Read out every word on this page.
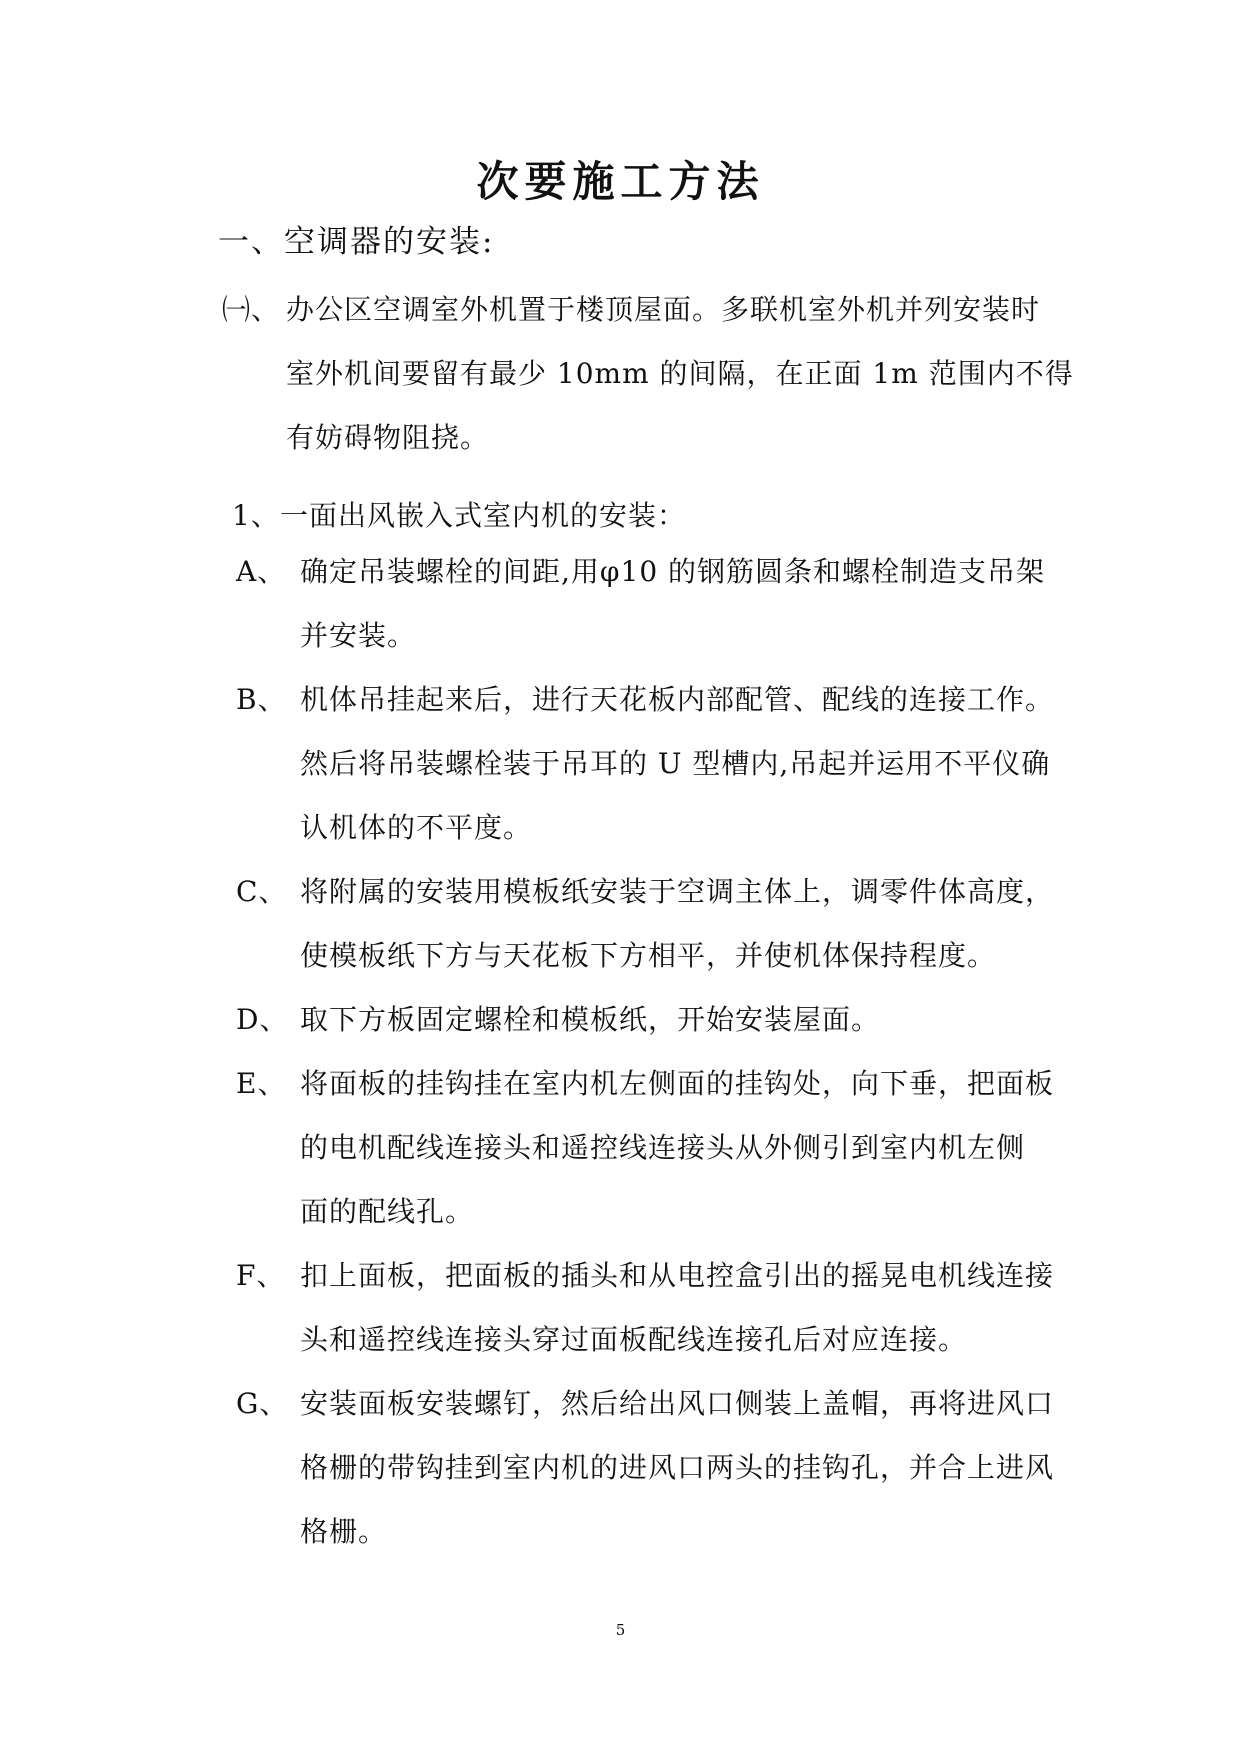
次要施工方法
一、空调器的安装:
㈠、 办公区空调室外机置于楼顶屋面。多联机室外机并列安装时
室外机间要留有最少 10mm 的间隔，在正面 1m 范围内不得
有妨碍物阻挠。
1、 一面出风嵌入式室内机的安装：
A、 确定吊装螺栓的间距,用φ10 的钢筋圆条和螺栓制造支吊架
并安装。
B、 机体吊挂起来后，进行天花板内部配管、配线的连接工作。
然后将吊装螺栓装于吊耳的 U 型槽内,吊起并运用不平仪确
认机体的不平度。
C、 将附属的安装用模板纸安装于空调主体上，调零件体高度，
使模板纸下方与天花板下方相平，并使机体保持程度。
D、 取下方板固定螺栓和模板纸，开始安装屋面。
E、 将面板的挂钩挂在室内机左侧面的挂钩处，向下垂，把面板
的电机配线连接头和遥控线连接头从外侧引到室内机左侧
面的配线孔。
F、 扣上面板，把面板的插头和从电控盒引出的摇晃电机线连接
头和遥控线连接头穿过面板配线连接孔后对应连接。
G、 安装面板安装螺钉，然后给出风口侧装上盖帽，再将进风口
格栅的带钩挂到室内机的进风口两头的挂钩孔，并合上进风
格栅。
5
